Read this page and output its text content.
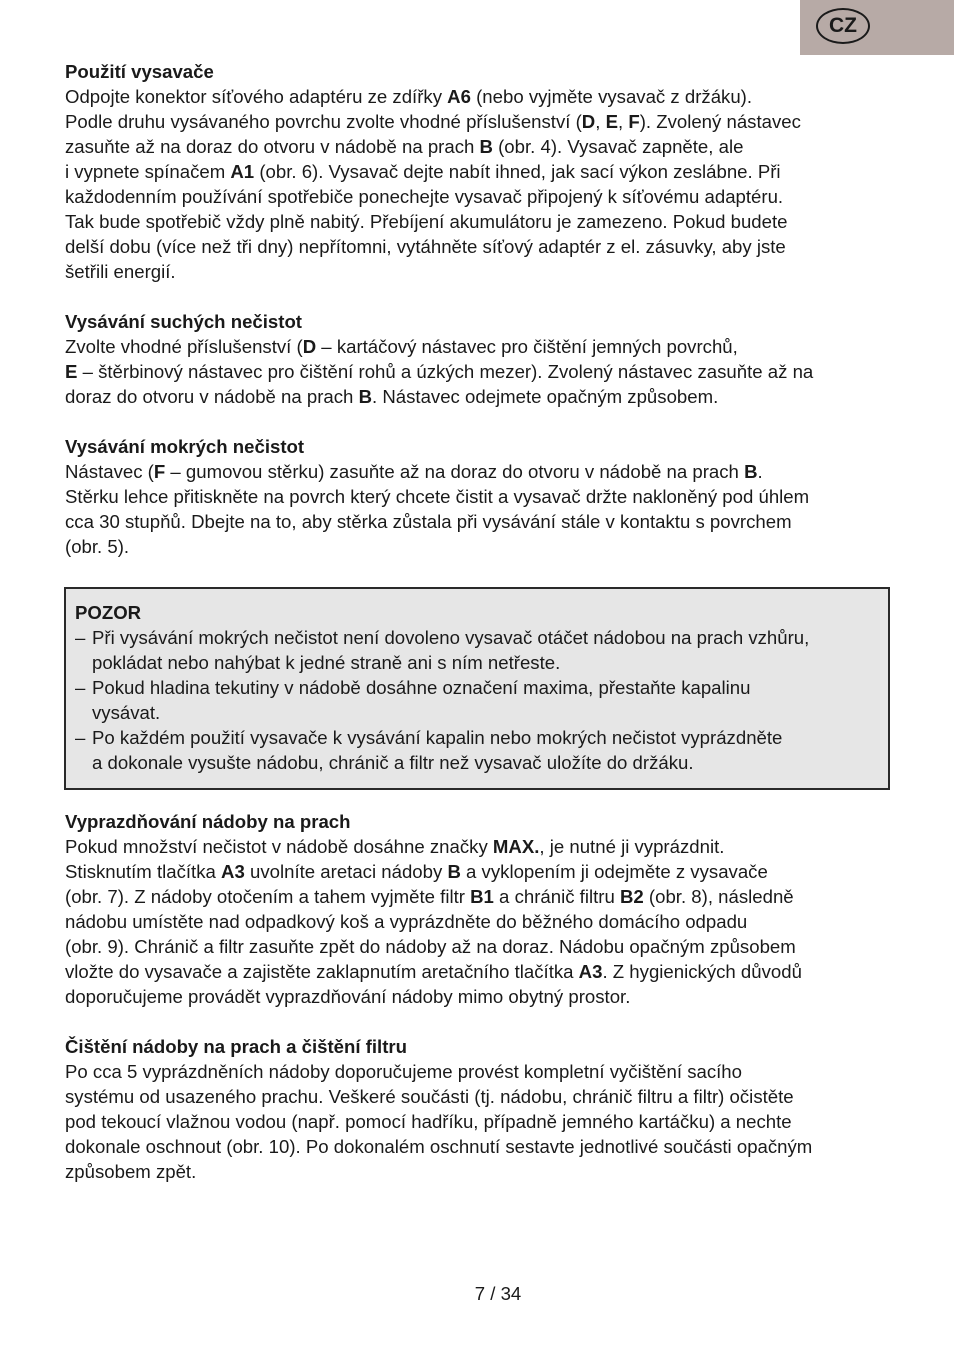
CZ

Použití vysavače

Odpojte konektor síťového adaptéru ze zdířky A6 (nebo vyjměte vysavač z držáku).
Podle druhu vysávaného povrchu zvolte vhodné příslušenství (D, E, F). Zvolený nástavec
zasuňte až na doraz do otvoru v nádobě na prach B (obr. 4). Vysavač zapněte, ale
i vypnete spínačem A1 (obr. 6). Vysavač dejte nabít ihned, jak sací výkon zeslábne. Při
každodenním používání spotřebiče ponechejte vysavač připojený k síťovému adaptéru.
Tak bude spotřebič vždy plně nabitý. Přebíjení akumulátoru je zamezeno. Pokud budete
delší dobu (více než tři dny) nepřítomni, vytáhněte síťový adaptér z el. zásuvky, aby jste
šetřili energií.

Vysávání suchých nečistot

Zvolte vhodné příslušenství (D – kartáčový nástavec pro čištění jemných povrchů,
E – štěrbinový nástavec pro čištění rohů a úzkých mezer). Zvolený nástavec zasuňte až na
doraz do otvoru v nádobě na prach B. Nástavec odejmete opačným způsobem.

Vysávání mokrých nečistot

Nástavec (F – gumovou stěrku) zasuňte až na doraz do otvoru v nádobě na prach B.
Stěrku lehce přitiskněte na povrch který chcete čistit a vysavač držte nakloněný pod úhlem
cca 30 stupňů. Dbejte na to, aby stěrka zůstala při vysávání stále v kontaktu s povrchem
(obr. 5).

POZOR

– Při vysávání mokrých nečistot není dovoleno vysavač otáčet nádobou na prach vzhůru,
pokládat nebo nahýbat k jedné straně ani s ním netřeste.
– Pokud hladina tekutiny v nádobě dosáhne označení maxima, přestaňte kapalinu
vysávat.
– Po každém použití vysavače k vysávání kapalin nebo mokrých nečistot vyprázdněte
a dokonale vysušte nádobu, chránič a filtr než vysavač uložíte do držáku.

Vyprazdňování nádoby na prach

Pokud množství nečistot v nádobě dosáhne značky MAX., je nutné ji vyprázdnit.
Stisknutím tlačítka A3 uvolníte aretaci nádoby B a vyklopením ji odejměte z vysavače
(obr. 7). Z nádoby otočením a tahem vyjměte filtr B1 a chránič filtru B2 (obr. 8), následně
nádobu umístěte nad odpadkový koš a vyprázdněte do běžného domácího odpadu
(obr. 9). Chránič a filtr zasuňte zpět do nádoby až na doraz. Nádobu opačným způsobem
vložte do vysavače a zajistěte zaklapnutím aretačního tlačítka A3. Z hygienických důvodů
doporučujeme provádět vyprazdňování nádoby mimo obytný prostor.

Čištění nádoby na prach a čištění filtru

Po cca 5 vyprázdněních nádoby doporučujeme provést kompletní vyčištění sacího
systému od usazeného prachu. Veškeré součásti (tj. nádobu, chránič filtru a filtr) očistěte
pod tekoucí vlažnou vodou (např. pomocí hadříku, případně jemného kartáčku) a nechte
dokonale oschnout (obr. 10). Po dokonalém oschnutí sestavte jednotlivé součásti opačným
způsobem zpět.

7 / 34
